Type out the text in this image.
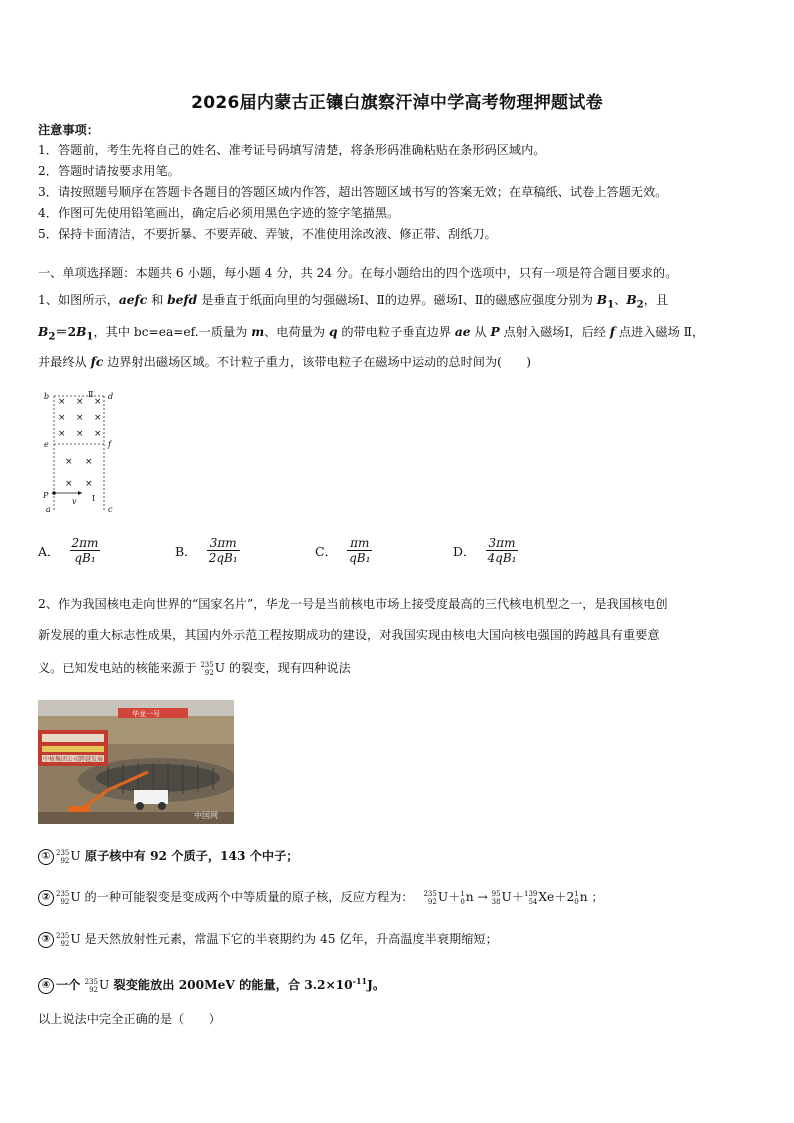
2026届内蒙古正镶白旗察汗淖中学高考物理押题试卷
注意事项：
1．答题前，考生先将自己的姓名、准考证号码填写清楚，将条形码准确粘贴在条形码区域内。
2．答题时请按要求用笔。
3．请按照题号顺序在答题卡各题目的答题区域内作答，超出答题区域书写的答案无效；在草稿纸、试卷上答题无效。
4．作图可先使用铅笔画出，确定后必须用黑色字迹的签字笔描黑。
5．保持卡面清洁，不要折暴、不要弄破、弄皱，不准使用涂改液、修正带、刮纸刀。
一、单项选择题：本题共 6 小题，每小题 4 分，共 24 分。在每小题给出的四个选项中，只有一项是符合题目要求的。
1、如图所示，aefc 和 befd 是垂直于纸面向里的匀强磁场Ⅰ、Ⅱ的边界。磁场Ⅰ、Ⅱ的磁感应强度分别为 $B_1$、$B_2$，且
$B_2=2B_1$，其中 bc=ea=ef.一质量为 m、电荷量为 q 的带电粒子垂直边界 ae 从 P 点射入磁场Ⅰ，后经 f 点进入磁场 Ⅱ，
并最终从 fc 边界射出磁场区域。不计粒子重力，该带电粒子在磁场中运动的总时间为(　　)
b	d
Ⅱ
e	f
P
v Ⅰ
a	c
× × ×
× × ×
× × ×
× ×
× ×
A． $\frac{2\pi m}{\text{qB₁}}$	B． $\frac{3\pi m}{\text{2qB₁}}$	C． $\frac{\pi m}{\text{qB₁}}$	D． $\frac{3\pi m}{\text{4qB₁}}$
2、作为我国核电走向世界的“国家名片”，华龙一号是当前核电市场上接受度最高的三代核电机型之一，是我国核电创
新发展的重大标志性成果，其国内外示范工程按期成功的建设，对我国实现由核电大国向核电强国的跨越具有重要意
义。已知发电站的核能来源于 235
92 U 的裂变，现有四种说法
华龙一号
中核集团公司跨越发展
中国网
① 235
92 U 原子核中有 92 个质子，143 个中子；
② 235
92 U 的一种可能裂变是变成两个中等质量的原子核，反应方程为： 235
92 U＋ 1
0 n → 95
38 U＋ 139
54 Xe＋2 1
0 n ；
③ 235
92 U 是天然放射性元素，常温下它的半衰期约为 45 亿年，升高温度半衰期缩短；
④ 一个 235
92 U 裂变能放出 200MeV 的能量，合 $3.2\times 10^{-11}J$。
以上说法中完全正确的是（　　）
